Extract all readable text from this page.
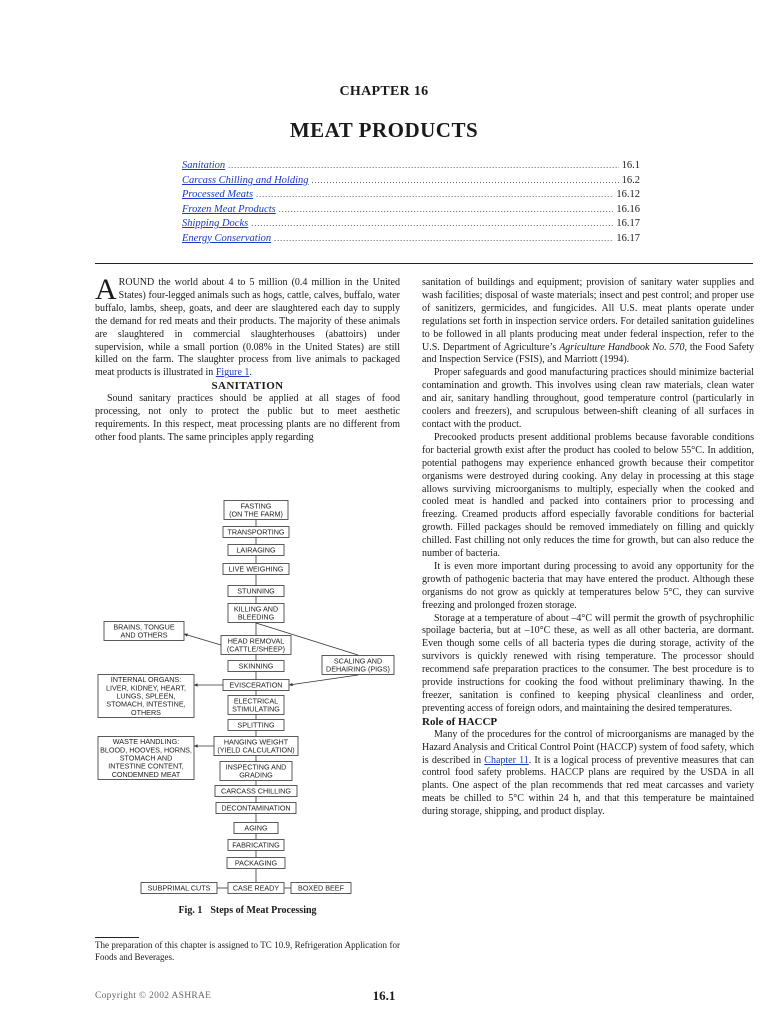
CHAPTER 16
MEAT PRODUCTS
Sanitation .....	16.1
Carcass Chilling and Holding .....	16.2
Processed Meats .....	16.12
Frozen Meat Products .....	16.16
Shipping Docks .....	16.17
Energy Conservation .....	16.17

AROUND the world about 4 to 5 million (0.4 million in the United States) four-legged animals such as hogs, cattle, calves, buffalo, water buffalo, lambs, sheep, goats, and deer are slaughtered each day to supply the demand for red meats and their products. The majority of these animals are slaughtered in commercial slaughterhouses (abattoirs) under supervision, while a small portion (0.08% in the United States) are still killed on the farm. The slaughter process from live animals to packaged meat products is illustrated in Figure 1.

SANITATION

Sound sanitary practices should be applied at all stages of food processing, not only to protect the public but to meet aesthetic requirements. In this respect, meat processing plants are no different from other food plants. The same principles apply regarding

FASTING (ON THE FARM)
TRANSPORTING
LAIRAGING
LIVE WEIGHING
STUNNING
KILLING AND BLEEDING
HEAD REMOVAL (CATTLE/SHEEP)
SKINNING
EVISCERATION
ELECTRICAL STIMULATING
SPLITTING
HANGING WEIGHT (YIELD CALCULATION)
INSPECTING AND GRADING
CARCASS CHILLING
DECONTAMINATION
AGING
FABRICATING
PACKAGING
BRAINS, TONGUE AND OTHERS
INTERNAL ORGANS: LIVER, KIDNEY, HEART, LUNGS, SPLEEN, STOMACH, INTESTINE, OTHERS
WASTE HANDLING: BLOOD, HOOVES, HORNS, STOMACH AND INTESTINE CONTENT, CONDEMNED MEAT
SCALING AND DEHAIRING (PIGS)
SUBPRIMAL CUTS	CASE READY	BOXED BEEF
Fig. 1 Steps of Meat Processing
The preparation of this chapter is assigned to TC 10.9, Refrigeration Application for Foods and Beverages.

sanitation of buildings and equipment; provision of sanitary water supplies and wash facilities; disposal of waste materials; insect and pest control; and proper use of sanitizers, germicides, and fungicides. All U.S. meat plants operate under regulations set forth in inspection service orders. For detailed sanitation guidelines to be followed in all plants producing meat under federal inspection, refer to the U.S. Department of Agriculture’s Agriculture Handbook No. 570, the Food Safety and Inspection Service (FSIS), and Marriott (1994).

Proper safeguards and good manufacturing practices should minimize bacterial contamination and growth. This involves using clean raw materials, clean water and air, sanitary handling throughout, good temperature control (particularly in coolers and freezers), and scrupulous between-shift cleaning of all surfaces in contact with the product.

Precooked products present additional problems because favorable conditions for bacterial growth exist after the product has cooled to below 55°C. In addition, potential pathogens may experience enhanced growth because their competitor organisms were destroyed during cooking. Any delay in processing at this stage allows surviving microorganisms to multiply, especially when the cooked and cooled meat is handled and packed into containers prior to processing and freezing. Creamed products afford especially favorable conditions for bacterial growth. Filled packages should be removed immediately on filling and quickly chilled. Fast chilling not only reduces the time for growth, but can also reduce the number of bacteria.

It is even more important during processing to avoid any opportunity for the growth of pathogenic bacteria that may have entered the product. Although these organisms do not grow as quickly at temperatures below 5°C, they can survive freezing and prolonged frozen storage.

Storage at a temperature of about –4°C will permit the growth of psychrophilic spoilage bacteria, but at –10°C these, as well as all other bacteria, are dormant. Even though some cells of all bacteria types die during storage, activity of the survivors is quickly renewed with rising temperature. The processor should recommend safe preparation practices to the consumer. The best procedure is to provide instructions for cooking the food without preliminary thawing. In the freezer, sanitation is confined to keeping physical cleanliness and order, preventing access of foreign odors, and maintaining the desired temperatures.

Role of HACCP

Many of the procedures for the control of microorganisms are managed by the Hazard Analysis and Critical Control Point (HACCP) system of food safety, which is described in Chapter 11. It is a logical process of preventive measures that can control food safety problems. HACCP plans are required by the USDA in all plants. One aspect of the plan recommends that red meat carcasses and variety meats be chilled to 5°C within 24 h, and that this temperature be maintained during storage, shipping, and product display.

Copyright © 2002 ASHRAE	16.1
